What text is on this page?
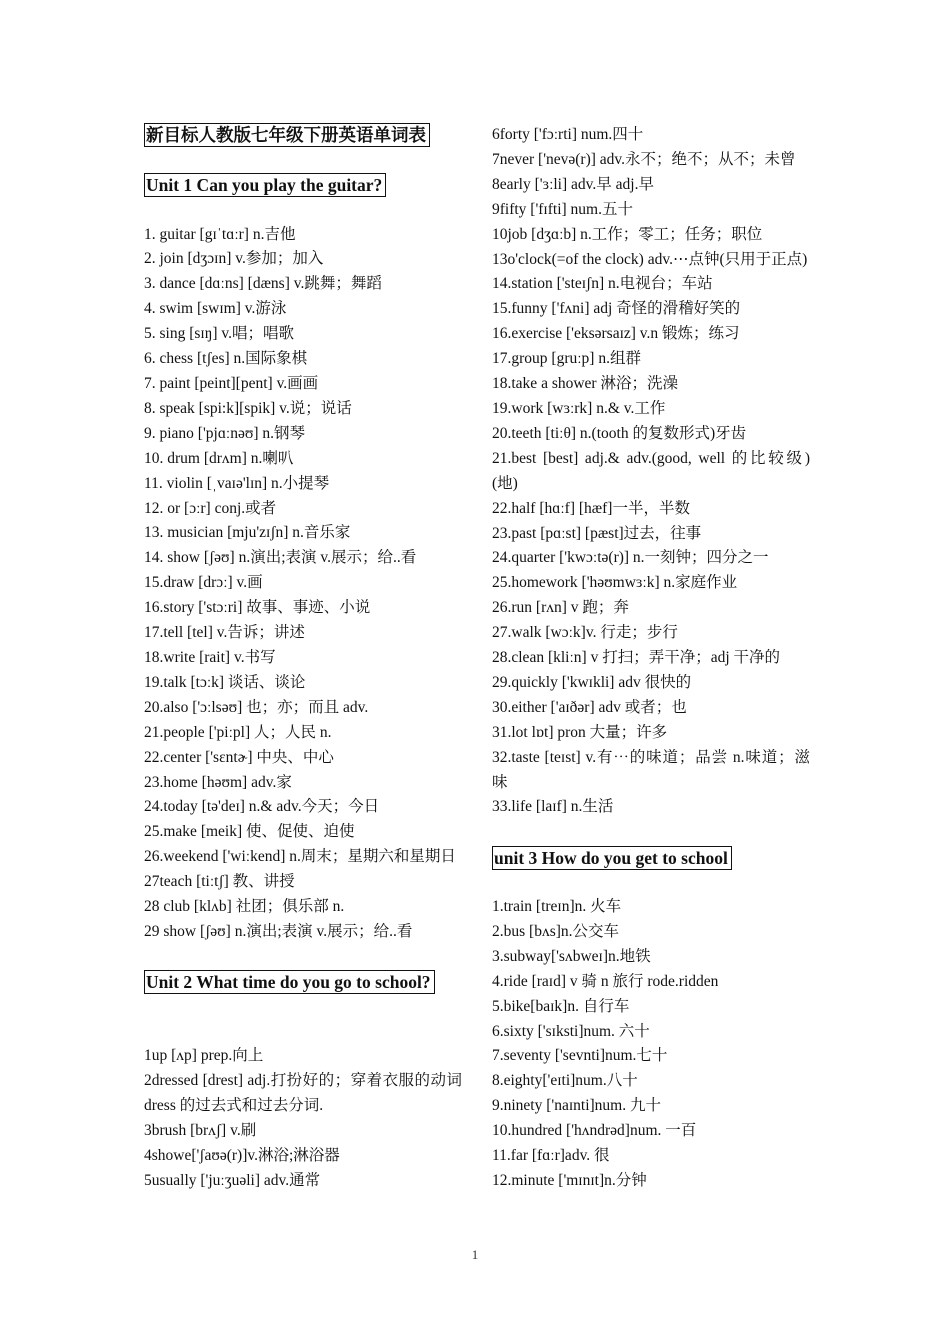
新目标人教版七年级下册英语单词表
Unit 1 Can you play the guitar?

1. guitar [gɪˈtɑːr] n.吉他

2. join [dʒɔɪn] v.参加；加入

3. dance [dɑːns] [dæns] v.跳舞；舞蹈

4. swim [swɪm] v.游泳

5. sing [sɪŋ] v.唱；唱歌

6. chess [tʃes] n.国际象棋

7. paint [peint][pent] v.画画

8. speak [spi:k][spik] v.说；说话

9. piano ['pjɑːnəʊ] n.钢琴

10. drum [drʌm] n.喇叭

11. violin [ˌvaɪə'lɪn] n.小提琴

12. or [ɔːr] conj.或者

13. musician [mju'zɪʃn] n.音乐家

14. show [ʃəʊ] n.演出;表演 v.展示；给..看

15.draw [drɔː] v.画

16.story ['stɔːri] 故事、事迹、小说

17.tell [tel] v.告诉；讲述

18.write [rait] v.书写

19.talk [tɔːk] 谈话、谈论

20.also ['ɔːlsəʊ] 也；亦；而且 adv.

21.people ['piːpl] 人；人民 n.

22.center ['sɛntɚ] 中央、中心

23.home [həʊm] adv.家

24.today [tə'deɪ] n.& adv.今天；今日

25.make [meik] 使、促使、迫使

26.weekend ['wiːkend] n.周末；星期六和星期日

27teach [tiːtʃ] 教、讲授

28 club [klʌb] 社团；俱乐部 n.

29 show [ʃəʊ] n.演出;表演 v.展示；给..看

Unit 2 What time do you go to school?

1up [ʌp] prep.向上

2dressed [drest] adj.打扮好的；穿着衣服的动词 dress 的过去式和过去分词.

3brush [brʌʃ] v.刷

4showe['ʃaʊə(r)]v.淋浴;淋浴器

5usually ['juːʒuəli] adv.通常

6forty ['fɔːrti] num.四十

7never ['nevə(r)] adv.永不；绝不；从不；未曾

8early ['ɜːli] adv.早 adj.早

9fifty ['fɪfti] num.五十

10job [dʒɑːb] n.工作；零工；任务；职位

13o'clock(=of the clock) adv.⋯点钟(只用于正点)

14.station ['steɪʃn] n.电视台；车站

15.funny ['fʌni] adj 奇怪的滑稽好笑的

16.exercise ['eksərsaɪz] v.n 锻炼；练习

17.group [gruːp] n.组群

18.take a shower 淋浴；洗澡

19.work [wɜːrk] n.& v.工作

20.teeth [tiːθ] n.(tooth 的复数形式)牙齿

21.best [best] adj.& adv.(good, well 的比较级) (地)

22.half [hɑːf] [hæf]一半，半数

23.past [pɑːst] [pæst]过去，往事

24.quarter ['kwɔːtə(r)] n.一刻钟；四分之一

25.homework ['həʊmwɜːk] n.家庭作业

26.run [rʌn] v 跑；奔

27.walk [wɔːk]v. 行走；步行

28.clean [kliːn] v 打扫；弄干净；adj 干净的

29.quickly ['kwɪkli] adv 很快的

30.either ['aɪðər] adv 或者；也

31.lot lɒt] pron 大量；许多

32.taste [teɪst] v.有⋯的味道；品尝 n.味道；滋味

33.life [laɪf] n.生活

unit 3 How do you get to school

1.train [treɪn]n. 火车

2.bus [bʌs]n.公交车

3.subway['sʌbweɪ]n.地铁

4.ride [raɪd] v 骑 n 旅行 rode.ridden

5.bike[baɪk]n. 自行车

6.sixty ['sɪksti]num. 六十

7.seventy ['sevnti]num.七十

8.eighty['eɪti]num.八十

9.ninety ['naɪnti]num. 九十

10.hundred ['hʌndrəd]num. 一百

11.far [fɑːr]adv. 很

12.minute ['mɪnɪt]n.分钟

1
